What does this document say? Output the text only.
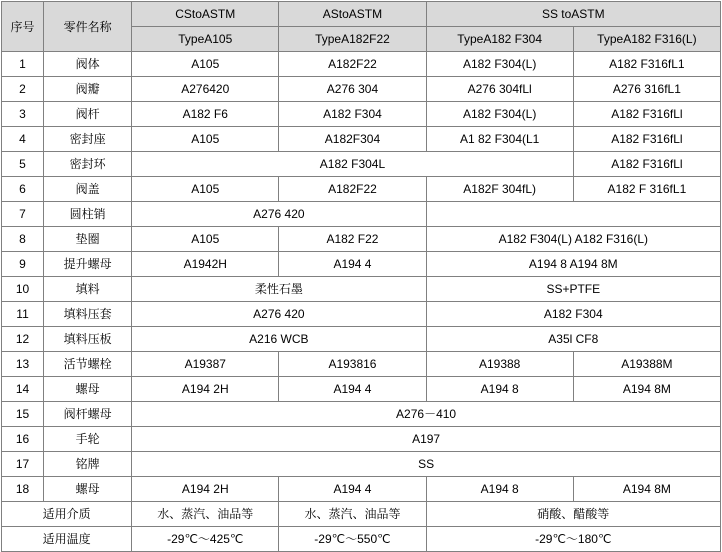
序号	零件名称	CStoASTM	AStoASTM	SS toASTM	
		TypeA105	TypeA182F22	TypeA182 F304	TypeA182 F316(L)
1	阀体	A105	A182F22	A182 F304(L)	A182 F316fL1
2	阀瓣	A276420	A276 304	A276 304fLl	A276 316fL1
3	阀杆	A182 F6	A182 F304	A182 F304(L)	A182 F316fLl
4	密封座	A105	A182F304	A1 82 F304(L1	A182 F316fLl
5	密封环	A182 F304L			A182 F316fLl
6	阀盖	A105	A182F22	A182F 304fL)	A182 F 316fL1
7	圆柱销	A276 420			
8	垫圈	A105	A182 F22	A182 F304(L) A182 F316(L)	
9	提升螺母	A1942H	A194 4	A194 8 A194 8M	
10	填料	柔性石墨		SS+PTFE	
11	填料压套	A276 420		A182 F304	
12	填料压板	A216 WCB		A35l CF8	
13	活节螺栓	A19387	A193816	A19388	A19388M
14	螺母	A194 2H	A194 4	A194 8	A194 8M
15	阀杆螺母	A276－410			
16	手轮	A197			
17	铭牌	SS			
18	螺母	A194 2H	A194 4	A194 8	A194 8M
适用介质		水、蒸汽、油品等	水、蒸汽、油品等	硝酸、醋酸等	
适用温度		-29℃～425℃	-29℃～550℃	-29℃～180℃	
